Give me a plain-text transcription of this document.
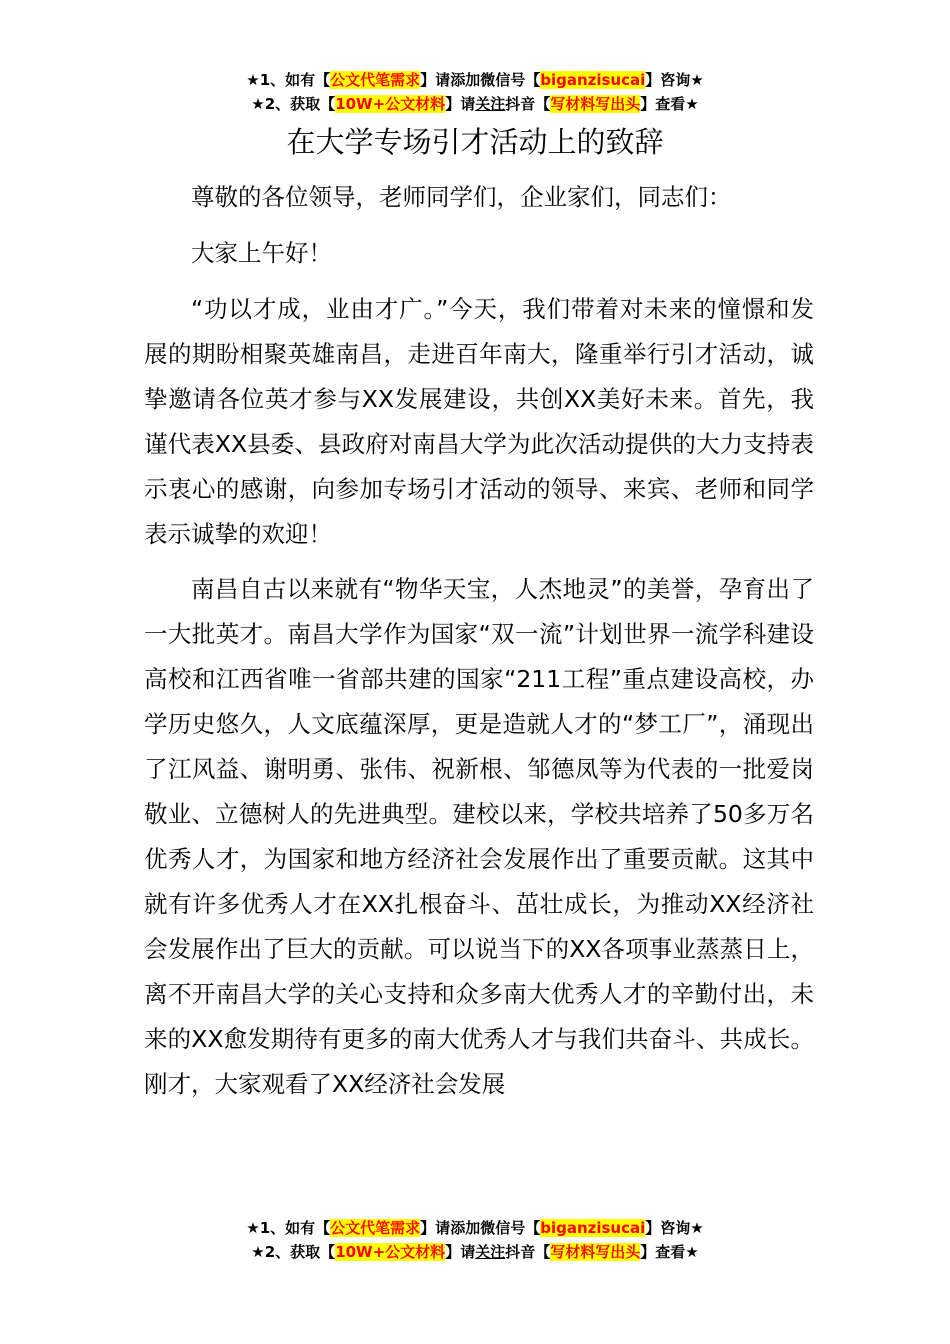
★1、如有【公文代笔需求】请添加微信号【biganzisucai】咨询★
★2、获取【10W+公文材料】请关注抖音【写材料写出头】查看★
在大学专场引才活动上的致辞

尊敬的各位领导，老师同学们，企业家们，同志们：

大家上午好！

“功以才成，业由才广。”今天，我们带着对未来的憧憬和发展的期盼相聚英雄南昌，走进百年南大，隆重举行引才活动，诚挚邀请各位英才参与XX发展建设，共创XX美好未来。首先，我谨代表XX县委、县政府对南昌大学为此次活动提供的大力支持表示衷心的感谢，向参加专场引才活动的领导、来宾、老师和同学表示诚挚的欢迎！

南昌自古以来就有“物华天宝，人杰地灵”的美誉，孕育出了一大批英才。南昌大学作为国家“双一流”计划世界一流学科建设高校和江西省唯一省部共建的国家“211工程”重点建设高校，办学历史悠久，人文底蕴深厚，更是造就人才的“梦工厂”，涌现出了江风益、谢明勇、张伟、祝新根、邹德凤等为代表的一批爱岗敬业、立德树人的先进典型。建校以来，学校共培养了50多万名优秀人才，为国家和地方经济社会发展作出了重要贡献。这其中就有许多优秀人才在XX扎根奋斗、茁壮成长，为推动XX经济社会发展作出了巨大的贡献。可以说当下的XX各项事业蒸蒸日上，离不开南昌大学的关心支持和众多南大优秀人才的辛勤付出，未来的XX愈发期待有更多的南大优秀人才与我们共奋斗、共成长。刚才，大家观看了XX经济社会发展

★1、如有【公文代笔需求】请添加微信号【biganzisucai】咨询★
★2、获取【10W+公文材料】请关注抖音【写材料写出头】查看★
